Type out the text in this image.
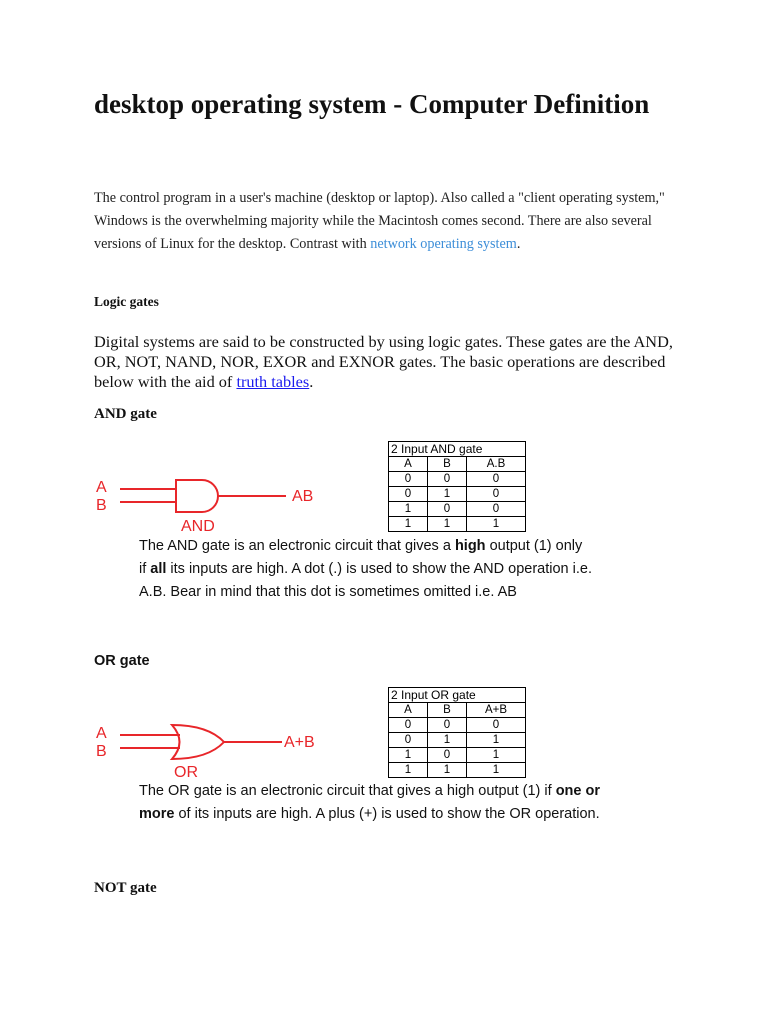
desktop operating system - Computer Definition
The control program in a user's machine (desktop or laptop). Also called a "client operating system," Windows is the overwhelming majority while the Macintosh comes second. There are also several versions of Linux for the desktop. Contrast with network operating system.
Logic gates
Digital systems are said to be constructed by using logic gates. These gates are the AND, OR, NOT, NAND, NOR, EXOR and EXNOR gates. The basic operations are described below with the aid of truth tables.
AND gate
A
B
AB
AND
2 Input AND gate		
A	B	A.B
0	0	0
0	1	0
1	0	0
1	1	1
The AND gate is an electronic circuit that gives a high output (1) only
if all its inputs are high. A dot (.) is used to show the AND operation i.e.
A.B. Bear in mind that this dot is sometimes omitted i.e. AB
OR gate
A
B
A+B
OR
2 Input OR gate		
A	B	A+B
0	0	0
0	1	1
1	0	1
1	1	1
The OR gate is an electronic circuit that gives a high output (1) if one or
more of its inputs are high. A plus (+) is used to show the OR operation.
NOT gate
